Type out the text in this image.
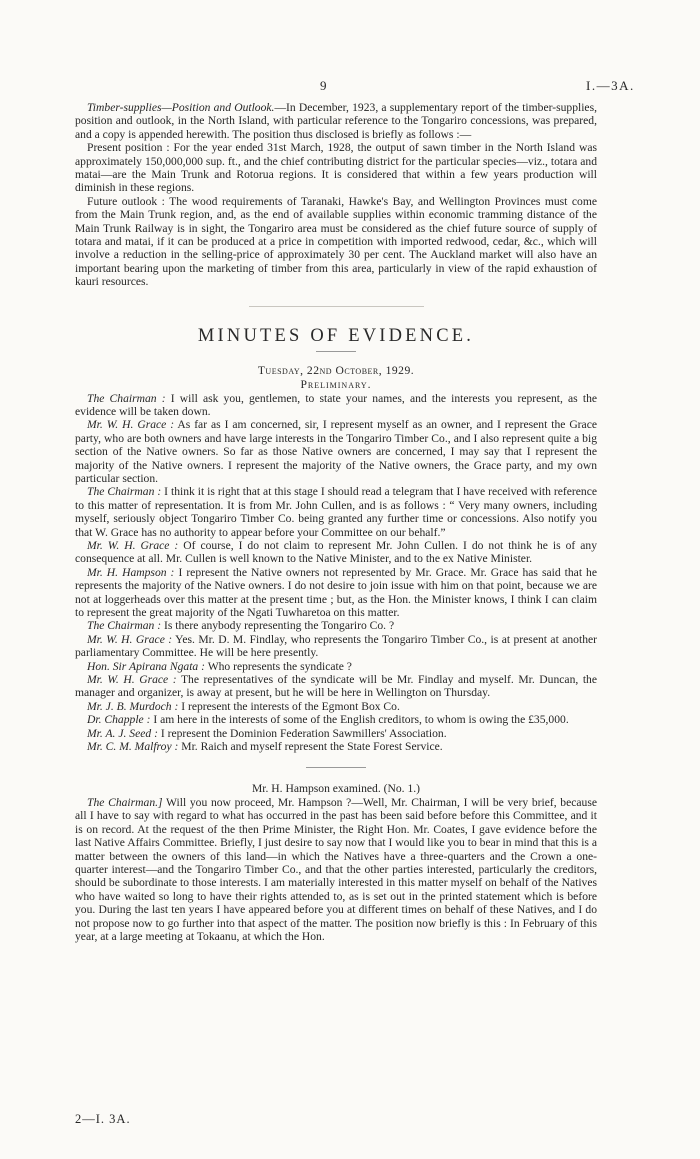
9	I.—3A.

Timber-supplies—Position and Outlook.—In December, 1923, a supplementary report of the timber-supplies, position and outlook, in the North Island, with particular reference to the Tongariro concessions, was prepared, and a copy is appended herewith. The position thus disclosed is briefly as follows :—

Present position : For the year ended 31st March, 1928, the output of sawn timber in the North Island was approximately 150,000,000 sup. ft., and the chief contributing district for the particular species—viz., totara and matai—are the Main Trunk and Rotorua regions. It is considered that within a few years production will diminish in these regions.

Future outlook : The wood requirements of Taranaki, Hawke's Bay, and Wellington Provinces must come from the Main Trunk region, and, as the end of available supplies within economic tramming distance of the Main Trunk Railway is in sight, the Tongariro area must be considered as the chief future source of supply of totara and matai, if it can be produced at a price in competition with imported redwood, cedar, &c., which will involve a reduction in the selling-price of approximately 30 per cent. The Auckland market will also have an important bearing upon the marketing of timber from this area, particularly in view of the rapid exhaustion of kauri resources.

MINUTES OF EVIDENCE.
Tuesday, 22nd October, 1929.
Preliminary.

The Chairman : I will ask you, gentlemen, to state your names, and the interests you represent, as the evidence will be taken down.

Mr. W. H. Grace : As far as I am concerned, sir, I represent myself as an owner, and I represent the Grace party, who are both owners and have large interests in the Tongariro Timber Co., and I also represent quite a big section of the Native owners. So far as those Native owners are concerned, I may say that I represent the majority of the Native owners. I represent the majority of the Native owners, the Grace party, and my own particular section.

The Chairman : I think it is right that at this stage I should read a telegram that I have received with reference to this matter of representation. It is from Mr. John Cullen, and is as follows : “ Very many owners, including myself, seriously object Tongariro Timber Co. being granted any further time or concessions. Also notify you that W. Grace has no authority to appear before your Committee on our behalf.”

Mr. W. H. Grace : Of course, I do not claim to represent Mr. John Cullen. I do not think he is of any consequence at all. Mr. Cullen is well known to the Native Minister, and to the ex Native Minister.

Mr. H. Hampson : I represent the Native owners not represented by Mr. Grace. Mr. Grace has said that he represents the majority of the Native owners. I do not desire to join issue with him on that point, because we are not at loggerheads over this matter at the present time ; but, as the Hon. the Minister knows, I think I can claim to represent the great majority of the Ngati Tuwharetoa on this matter.

The Chairman : Is there anybody representing the Tongariro Co. ?

Mr. W. H. Grace : Yes. Mr. D. M. Findlay, who represents the Tongariro Timber Co., is at present at another parliamentary Committee. He will be here presently.

Hon. Sir Apirana Ngata : Who represents the syndicate ?

Mr. W. H. Grace : The representatives of the syndicate will be Mr. Findlay and myself. Mr. Duncan, the manager and organizer, is away at present, but he will be here in Wellington on Thursday.

Mr. J. B. Murdoch : I represent the interests of the Egmont Box Co.

Dr. Chapple : I am here in the interests of some of the English creditors, to whom is owing the £35,000.

Mr. A. J. Seed : I represent the Dominion Federation Sawmillers' Association.

Mr. C. M. Malfroy : Mr. Raich and myself represent the State Forest Service.

Mr. H. Hampson examined. (No. 1.)

The Chairman.] Will you now proceed, Mr. Hampson ?—Well, Mr. Chairman, I will be very brief, because all I have to say with regard to what has occurred in the past has been said before before this Committee, and it is on record. At the request of the then Prime Minister, the Right Hon. Mr. Coates, I gave evidence before the last Native Affairs Committee. Briefly, I just desire to say now that I would like you to bear in mind that this is a matter between the owners of this land—in which the Natives have a three-quarters and the Crown a one-quarter interest—and the Tongariro Timber Co., and that the other parties interested, particularly the creditors, should be subordinate to those interests. I am materially interested in this matter myself on behalf of the Natives who have waited so long to have their rights attended to, as is set out in the printed statement which is before you. During the last ten years I have appeared before you at different times on behalf of these Natives, and I do not propose now to go further into that aspect of the matter. The position now briefly is this : In February of this year, at a large meeting at Tokaanu, at which the Hon.

2—I. 3A.
